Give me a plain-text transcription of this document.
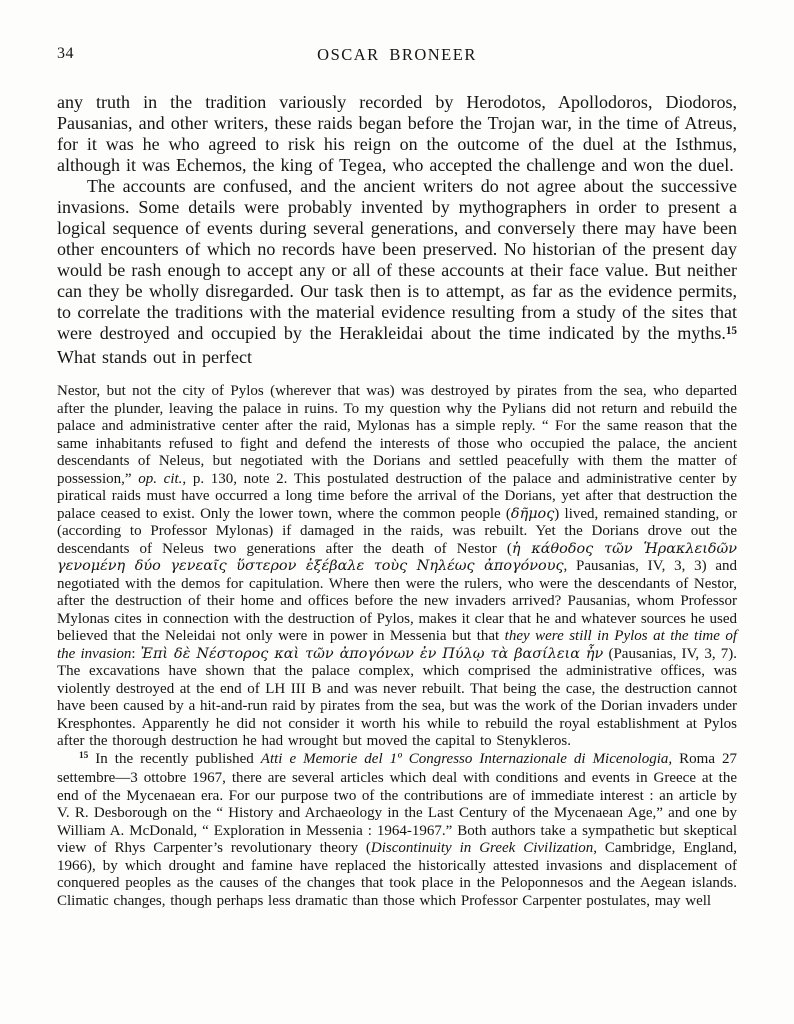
34	OSCAR BRONEER

any truth in the tradition variously recorded by Herodotos, Apollodoros, Diodoros, Pausanias, and other writers, these raids began before the Trojan war, in the time of Atreus, for it was he who agreed to risk his reign on the outcome of the duel at the Isthmus, although it was Echemos, the king of Tegea, who accepted the challenge and won the duel.

The accounts are confused, and the ancient writers do not agree about the successive invasions. Some details were probably invented by mythographers in order to present a logical sequence of events during several generations, and conversely there may have been other encounters of which no records have been preserved. No historian of the present day would be rash enough to accept any or all of these accounts at their face value. But neither can they be wholly disregarded. Our task then is to attempt, as far as the evidence permits, to correlate the traditions with the material evidence resulting from a study of the sites that were destroyed and occupied by the Herakleidai about the time indicated by the myths.$^{15}$ What stands out in perfect

Nestor, but not the city of Pylos (wherever that was) was destroyed by pirates from the sea, who departed after the plunder, leaving the palace in ruins. To my question why the Pylians did not return and rebuild the palace and administrative center after the raid, Mylonas has a simple reply. “ For the same reason that the same inhabitants refused to fight and defend the interests of those who occupied the palace, the ancient descendants of Neleus, but negotiated with the Dorians and settled peacefully with them the matter of possession,” op. cit., p. 130, note 2. This postulated destruction of the palace and administrative center by piratical raids must have occurred a long time before the arrival of the Dorians, yet after that destruction the palace ceased to exist. Only the lower town, where the common people (δῆμος) lived, remained standing, or (according to Professor Mylonas) if damaged in the raids, was rebuilt. Yet the Dorians drove out the descendants of Neleus two generations after the death of Nestor (ἡ κάθοδος τῶν Ἡρακλειδῶν γενομένη δύο γενεαῖς ὕστερον ἐξέβαλε τοὺς Νηλέως ἀπογόνους, Pausanias, IV, 3, 3) and negotiated with the demos for capitulation. Where then were the rulers, who were the descendants of Nestor, after the destruction of their home and offices before the new invaders arrived? Pausanias, whom Professor Mylonas cites in connection with the destruction of Pylos, makes it clear that he and whatever sources he used believed that the Neleidai not only were in power in Messenia but that they were still in Pylos at the time of the invasion: Ἐπὶ δὲ Νέστορος καὶ τῶν ἀπογόνων ἐν Πύλῳ τὰ βασίλεια ἦν (Pausanias, IV, 3, 7). The excavations have shown that the palace complex, which comprised the administrative offices, was violently destroyed at the end of LH III B and was never rebuilt. That being the case, the destruction cannot have been caused by a hit-and-run raid by pirates from the sea, but was the work of the Dorian invaders under Kresphontes. Apparently he did not consider it worth his while to rebuild the royal establishment at Pylos after the thorough destruction he had wrought but moved the capital to Stenykleros.

$^{15}$ In the recently published Atti e Memorie del 1º Congresso Internazionale di Micenologia, Roma 27 settembre—3 ottobre 1967, there are several articles which deal with conditions and events in Greece at the end of the Mycenaean era. For our purpose two of the contributions are of immediate interest : an article by V. R. Desborough on the “ History and Archaeology in the Last Century of the Mycenaean Age,” and one by William A. McDonald, “ Exploration in Messenia : 1964-1967.” Both authors take a sympathetic but skeptical view of Rhys Carpenter’s revolutionary theory (Discontinuity in Greek Civilization, Cambridge, England, 1966), by which drought and famine have replaced the historically attested invasions and displacement of conquered peoples as the causes of the changes that took place in the Peloponnesos and the Aegean islands. Climatic changes, though perhaps less dramatic than those which Professor Carpenter postulates, may well
